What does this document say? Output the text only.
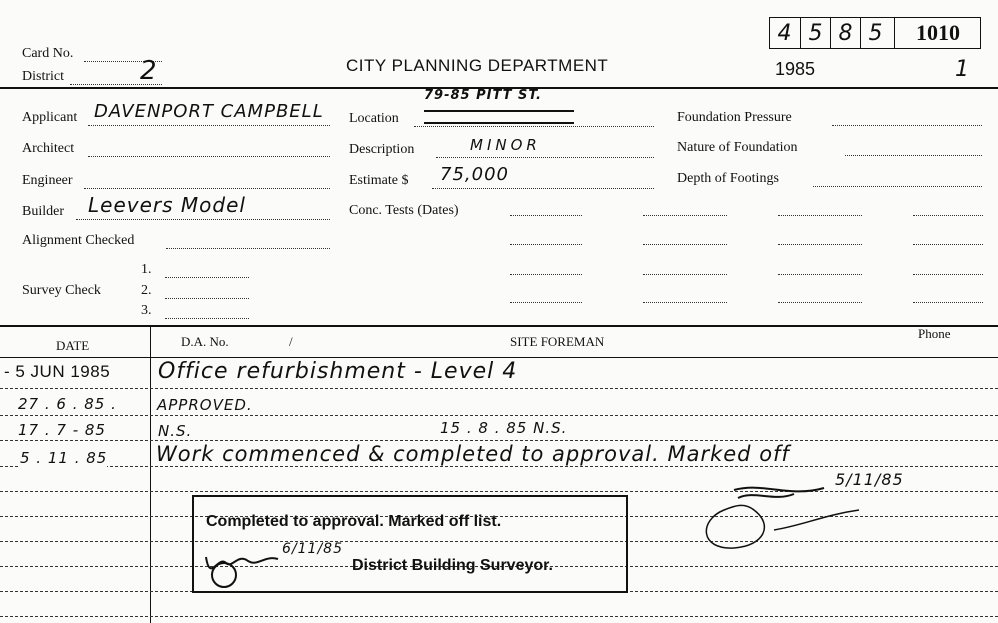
Card No.
District	2	CITY PLANNING DEPARTMENT
4 5 8 5	1010
1985	1
Applicant DAVENPORT CAMPBELL
Architect
Engineer
Builder Leevers Model
Alignment Checked
Survey Check
1.
2.
3.
Location
79-85 PITT ST.
Description	MINOR
Estimate $ 75,000
Conc. Tests (Dates)
Foundation Pressure
Nature of Foundation
Depth of Footings
DATE	D.A. No.	/	SITE FOREMAN
Phone
- 5 JUN 1985 Office refurbishment - Level 4
27 . 6 . 85 .	APPROVED.
17 . 7 - 85	N.S.	15 . 8 . 85 N.S.
5 . 11 . 85 Work commenced & completed to approval. Marked off
5/11/85
Completed to approval. Marked off list.
6/11/85
District Building Surveyor.
